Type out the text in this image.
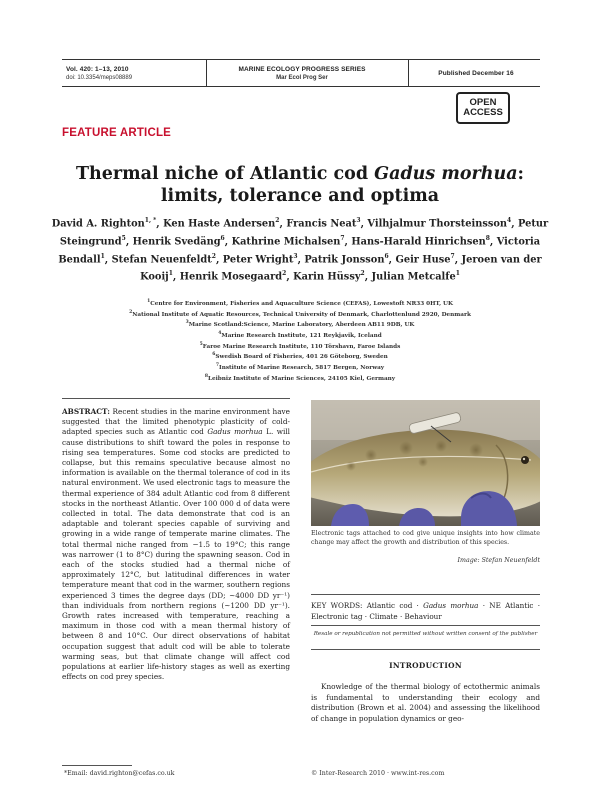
Vol. 420: 1–13, 2010
doi: 10.3354/meps08889
MARINE ECOLOGY PROGRESS SERIES
Mar Ecol Prog Ser
Published December 16
OPEN
ACCESS
FEATURE ARTICLE
Thermal niche of Atlantic cod Gadus morhua:
limits, tolerance and optima
David A. Righton$^{1, *}$, Ken Haste Andersen$^2$, Francis Neat$^3$, Vilhjalmur Thorsteinsson$^4$, Petur Steingrund$^5$, Henrik Svedäng$^6$, Kathrine Michalsen$^7$, Hans-Harald Hinrichsen$^8$, Victoria Bendall$^1$, Stefan Neuenfeldt$^2$, Peter Wright$^3$, Patrik Jonsson$^6$, Geir Huse$^7$, Jeroen van der Kooij$^1$, Henrik Mosegaard$^2$, Karin Hüssy$^2$, Julian Metcalfe$^1$
$^1$Centre for Environment, Fisheries and Aquaculture Science (CEFAS), Lowestoft NR33 0HT, UK
$^2$National Institute of Aquatic Resources, Technical University of Denmark, Charlottenlund 2920, Denmark
$^3$Marine Scotland:Science, Marine Laboratory, Aberdeen AB11 9DB, UK
$^4$Marine Research Institute, 121 Reykjavik, Iceland
$^5$Faroe Marine Research Institute, 110 Törshavn, Faroe Islands
$^6$Swedish Board of Fisheries, 401 26 Göteborg, Sweden
$^7$Institute of Marine Research, 5817 Bergen, Norway
$^8$Leibniz Institute of Marine Sciences, 24105 Kiel, Germany
ABSTRACT: Recent studies in the marine environment have suggested that the limited phenotypic plasticity of cold-adapted species such as Atlantic cod Gadus morhua L. will cause distributions to shift toward the poles in response to rising sea temperatures. Some cod stocks are predicted to collapse, but this remains speculative because almost no information is available on the thermal tolerance of cod in its natural environment. We used electronic tags to measure the thermal experience of 384 adult Atlantic cod from 8 different stocks in the northeast Atlantic. Over 100 000 d of data were collected in total. The data demonstrate that cod is an adaptable and tolerant species capable of surviving and growing in a wide range of temperate marine climates. The total thermal niche ranged from −1.5 to 19°C; this range was narrower (1 to 8°C) during the spawning season. Cod in each of the stocks studied had a thermal niche of approximately 12°C, but latitudinal differences in water temperature meant that cod in the warmer, southern regions experienced 3 times the degree days (DD; ~4000 DD yr⁻¹) than individuals from northern regions (~1200 DD yr⁻¹). Growth rates increased with temperature, reaching a maximum in those cod with a mean thermal history of between 8 and 10°C. Our direct observations of habitat occupation suggest that adult cod will be able to tolerate warming seas, but that climate change will affect cod populations at earlier life-history stages as well as exerting effects on cod prey species.
*Email: david.righton@cefas.co.uk
Electronic tags attached to cod give unique insights into how climate change may affect the growth and distribution of this species.
Image: Stefan Neuenfeldt
KEY WORDS: Atlantic cod · Gadus morhua · NE Atlantic · Electronic tag · Climate · Behaviour
Resale or republication not permitted without written consent of the publisher
INTRODUCTION
Knowledge of the thermal biology of ectothermic animals is fundamental to understanding their ecology and distribution (Brown et al. 2004) and assessing the likelihood of change in population dynamics or geo-
© Inter-Research 2010 · www.int-res.com
